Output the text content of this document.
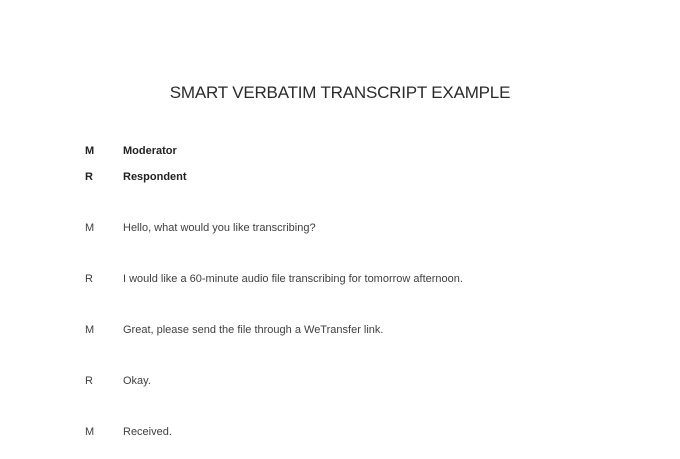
SMART VERBATIM TRANSCRIPT EXAMPLE
M	Moderator
R	Respondent
M	Hello, what would you like transcribing?
R	I would like a 60-minute audio file transcribing for tomorrow afternoon.
M	Great, please send the file through a WeTransfer link.
R	Okay.
M	Received.
